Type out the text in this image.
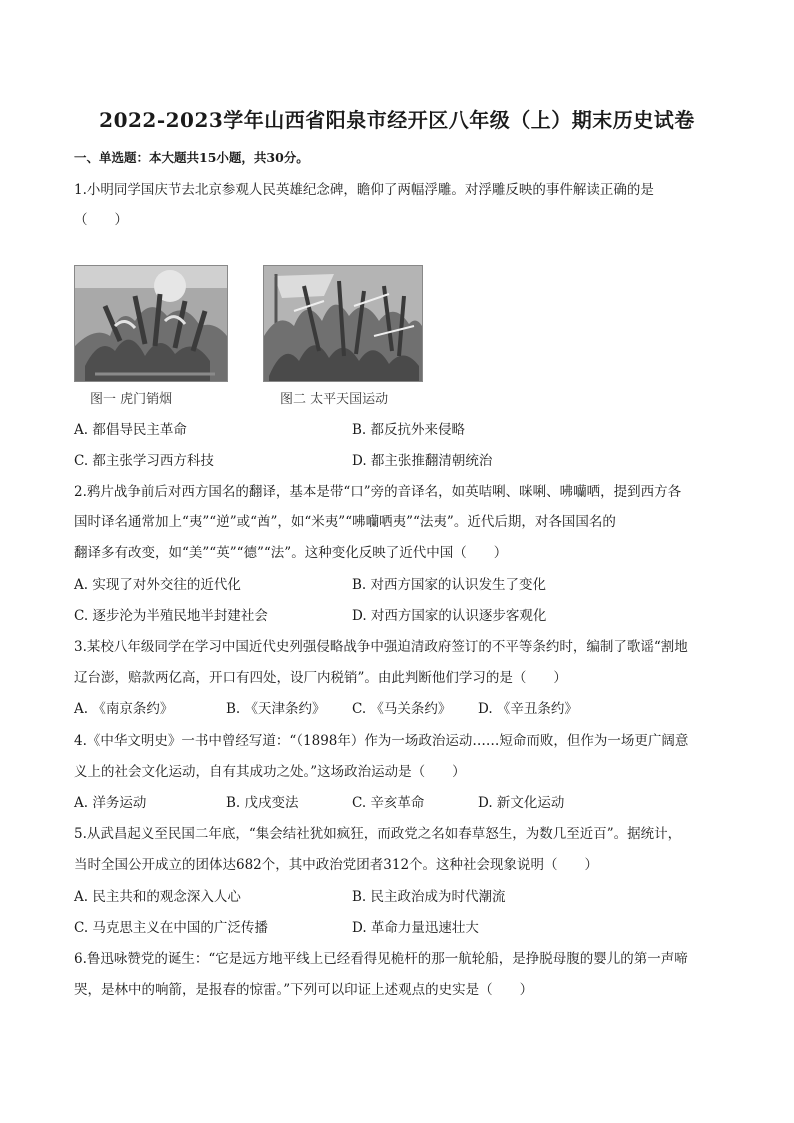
2022-2023学年山西省阳泉市经开区八年级（上）期末历史试卷
一、单选题：本大题共15小题，共30分。
1.小明同学国庆节去北京参观人民英雄纪念碑，瞻仰了两幅浮雕。对浮雕反映的事件解读正确的是
（　　）
图一 虎门销烟	图二 太平天国运动
A. 都倡导民主革命	B. 都反抗外来侵略
C. 都主张学习西方科技	D. 都主张推翻清朝统治
2.鸦片战争前后对西方国名的翻译，基本是带“口”旁的音译名，如英咭唎、咪唎、咈囒哂，提到西方各
国时译名通常加上“夷”“逆”或“酋”，如“米夷”“咈囒哂夷”“法夷”。近代后期，对各国国名的
翻译多有改变，如“美”“英”“德”“法”。这种变化反映了近代中国（　　）
A. 实现了对外交往的近代化	B. 对西方国家的认识发生了变化
C. 逐步沦为半殖民地半封建社会	D. 对西方国家的认识逐步客观化
3.某校八年级同学在学习中国近代史列强侵略战争中强迫清政府签订的不平等条约时，编制了歌谣“割地
辽台澎，赔款两亿高，开口有四处，设厂内税销”。由此判断他们学习的是（　　）
A. 《南京条约》	B. 《天津条约》 C. 《马关条约》 D. 《辛丑条约》
4.《中华文明史》一书中曾经写道：“（1898年）作为一场政治运动……短命而败，但作为一场更广阔意
义上的社会文化运动，自有其成功之处。”这场政治运动是（　　）
A. 洋务运动	B. 戊戌变法	C. 辛亥革命	D. 新文化运动
5.从武昌起义至民国二年底，“集会结社犹如疯狂，而政党之名如春草怒生，为数几至近百”。据统计，
当时全国公开成立的团体达682个，其中政治党团者312个。这种社会现象说明（　　）
A. 民主共和的观念深入人心	B. 民主政治成为时代潮流
C. 马克思主义在中国的广泛传播	D. 革命力量迅速壮大
6.鲁迅咏赞党的诞生：“它是远方地平线上已经看得见桅杆的那一航轮船，是挣脱母腹的婴儿的第一声啼
哭，是林中的响箭，是报春的惊雷。”下列可以印证上述观点的史实是（　　）
